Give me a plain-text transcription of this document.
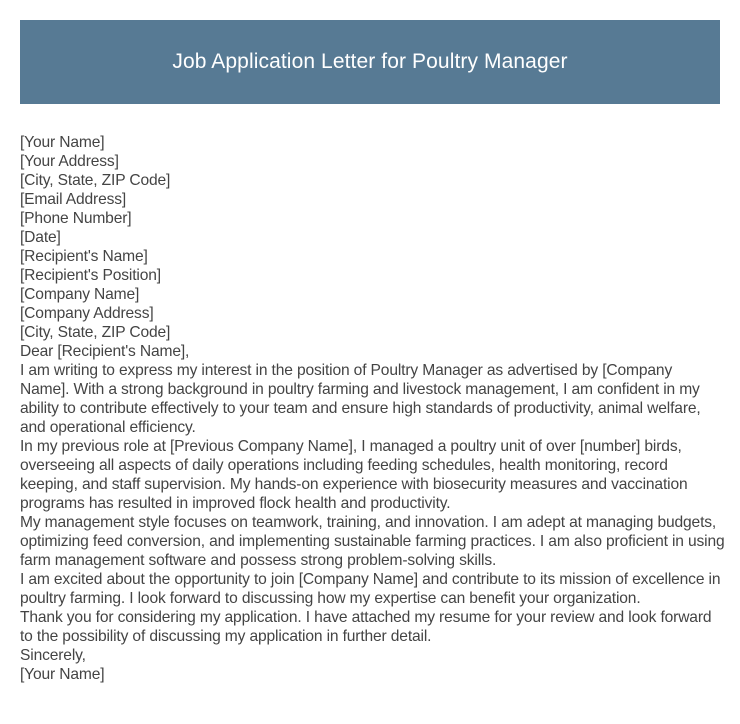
Job Application Letter for Poultry Manager
[Your Name]
[Your Address]
[City, State, ZIP Code]
[Email Address]
[Phone Number]
[Date]
[Recipient's Name]
[Recipient's Position]
[Company Name]
[Company Address]
[City, State, ZIP Code]
Dear [Recipient's Name],

I am writing to express my interest in the position of Poultry Manager as advertised by [Company Name]. With a strong background in poultry farming and livestock management, I am confident in my ability to contribute effectively to your team and ensure high standards of productivity, animal welfare, and operational efficiency.

In my previous role at [Previous Company Name], I managed a poultry unit of over [number] birds, overseeing all aspects of daily operations including feeding schedules, health monitoring, record keeping, and staff supervision. My hands-on experience with biosecurity measures and vaccination programs has resulted in improved flock health and productivity.

My management style focuses on teamwork, training, and innovation. I am adept at managing budgets, optimizing feed conversion, and implementing sustainable farming practices. I am also proficient in using farm management software and possess strong problem-solving skills.

I am excited about the opportunity to join [Company Name] and contribute to its mission of excellence in poultry farming. I look forward to discussing how my expertise can benefit your organization.

Thank you for considering my application. I have attached my resume for your review and look forward to the possibility of discussing my application in further detail.

Sincerely,
[Your Name]
